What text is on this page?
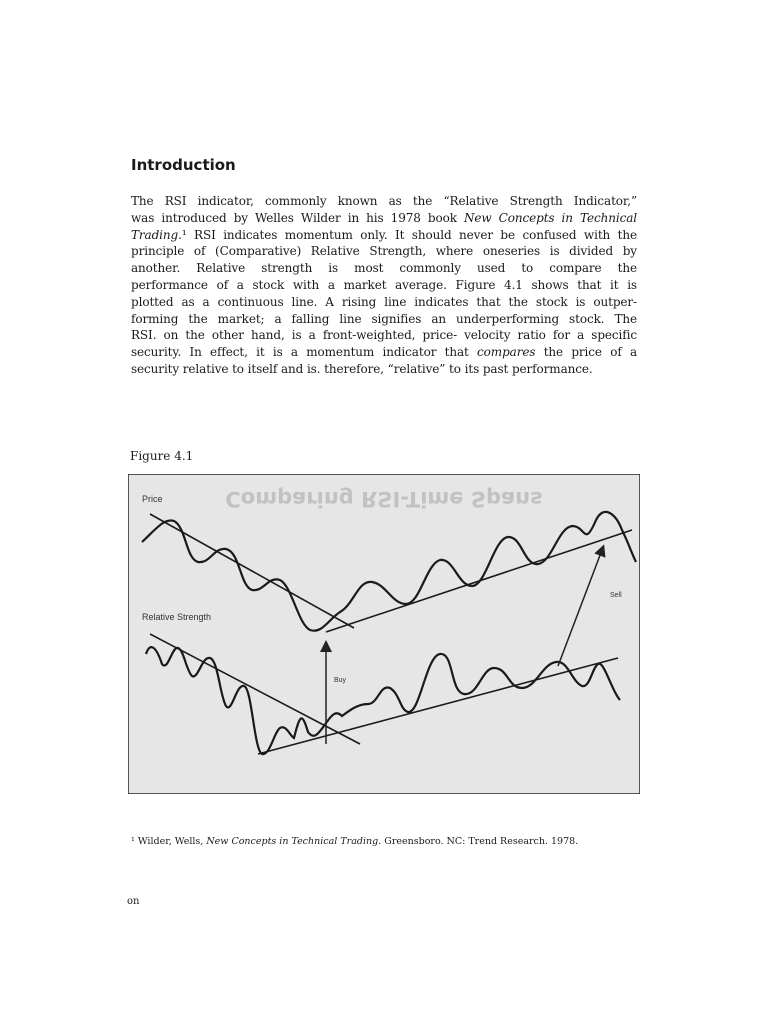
Introduction

The RSI indicator, commonly known as the “Relative Strength Indicator,”
was introduced by Welles Wilder in his 1978 book New Concepts in Technical
Trading.¹ RSI indicates momentum only. It should never be confused with the
principle of (Comparative) Relative Strength, where oneseries is divided by
another. Relative strength is most commonly used to compare the
performance of a stock with a market average. Figure 4.1 shows that it is
plotted as a continuous line. A rising line indicates that the stock is outper-
forming the market; a falling line signifies an underperforming stock. The
RSI. on the other hand, is a front-weighted, price- velocity ratio for a specific
security. In effect, it is a momentum indicator that compares the price of a
security relative to itself and is. therefore, “relative” to its past performance.

Figure 4.1
Comparing RSI-Time Spans
Price
Relative Strength
Buy
Sell
¹ Wilder, Wells, New Concepts in Technical Trading. Greensboro. NC: Trend Research. 1978.
on
